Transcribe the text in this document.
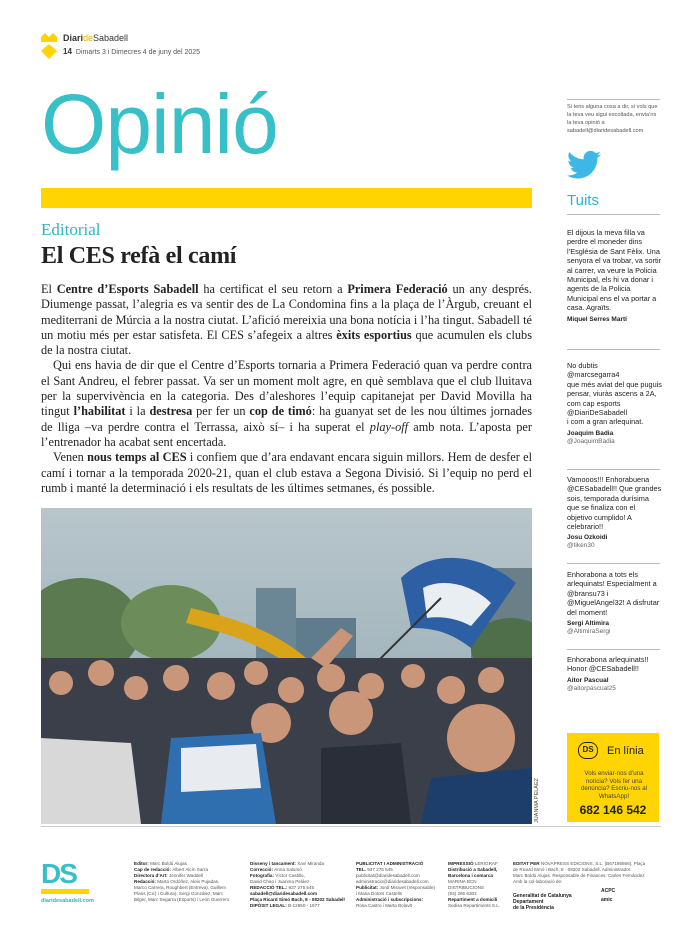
DiarideSabadell
14 Dimarts 3 i Dimecres 4 de juny del 2025
Opinió
Editorial
El CES refà el camí

El Centre d’Esports Sabadell ha certificat el seu retorn a Primera Federació un any després. Diumenge passat, l’alegria es va sentir des de La Condomina fins a la plaça de l’Àrgub, creuant el mediterrani de Múrcia a la nostra ciutat. L’afició mereixia una bona notícia i l’ha tingut. Sabadell té un motiu més per estar satisfeta. El CES s’afegeix a altres èxits esportius que acumulen els clubs de la nostra ciutat.

Qui ens havia de dir que el Centre d’Esports tornaria a Primera Federació quan va perdre contra el Sant Andreu, el febrer passat. Va ser un moment molt agre, en què semblava que el club lluitava per la supervivència en la categoria. Des d’aleshores l’equip capitanejat per David Movilla ha tingut l’habilitat i la destresa per fer un cop de timó: ha guanyat set de les nou últimes jornades de lliga –va perdre contra el Terrassa, això sí– i ha superat el play-off amb nota. L’aposta per l’entrenador ha acabat sent encertada.

Venen nous temps al CES i confiem que d’ara endavant encara siguin millors. Hem de desfer el camí i tornar a la temporada 2020-21, quan el club estava a Segona Divisió. Si l’equip no perd el rumb i manté la determinació i els resultats de les últimes setmanes, és possible.

JUANMA PELÁEZ
Si tens alguna cosa a dir, si vols que la teva veu sigui escoltada, envia’ns la teva opinió a sabadell@diaridesabadell.com
Tuits
El dijous la meva filla va perdre el moneder dins l’Església de Sant Fèlix. Una senyora el va trobar, va sortir al carrer, va veure la Policia Municipal, els hi va donar i agents de la Policia Municipal ens el va portar a casa. Agraïts.
Miquel Serres Martí
No dubtis
@marcsegarra4
que més aviat del que puguis pensar, viuràs ascens a 2A, com cap esports
@DiariDeSabadell
i com a gran arlequinat.
Joaquim Badia
@JoaquimBadia
Vamooos!!! Enhorabuena @CESabadell!! Que grandes sois, temporada durísima que se finaliza con el objetivo cumplido! A celebrario!!
Josu Ozkoidi
@tiken30
Enhorabona a tots els arlequinats! Especialment a @bransu73 i @MiguelAngel32! A disfrutar del moment!
Sergi Altimira
@AltimiraSergi
Enhorabona arlequinats!! Honor @CESabadell!!
Aitor Pascual
@aitorpascual25
DS	En línia
Vols enviar-nos d’una notícia? Vols fer una denúncia? Escriu-nos al WhatsApp!
682 146 542
DS
diaridesabadell.com
Editor: Marc Boldú Alujas
Cap de redacció: Albert Alcín Sarra
Directora d’Art: Jennifer Waddell
Redacció: Marta Ordóñez, Aleix Pujadas,
Marco Carrera, Roughbert (Entreva), Guillem
Plans (Cic) i Cultura), Sergi González, Marc
Bilger, Marc Segarra (Esports) i León Guerrero
Disseny i tancament: Xavi Miranda
Correcció: Anna Salomó
Fotografia: Víctor Castillo,
David Chao i Juanma Peláez
REDACCIÓ TEL.: 937 275 545
sabadell@diaridesabadell.com
Plaça Ricard Simó Bach, 8 - 08202 Sabadell
DIPÒSIT LEGAL: B-12650 - 1977
PUBLICITAT I ADMINISTRACIÓ
TEL. 937 275 545
publicitat@diaridesabadell.com
administracio@diaridesabadell.com
Publicitat: Jordi Miravet (responsable)
i Maria Dolors Castells
Administració i subscripcions:
Rosa Castro i Marta Bolavlt
IMPRESSIÓ LERIGRAF
Distribució a Sabadell,
Barcelona i comarca
MARINA BCN
DISTRIBUCIONS
(93) 265 6303
Repartiment a domicili
Sedisa Repartiments S.L.
EDITAT PER NOVAPRESS EDICIONS, S.L. (B67186866), Plaça
de Ricard Simó i Bach, 8 · 08202 Sabadell. Administrador:
Marc Boldú Alujas. Responsable de Finances: Carles Fernández
Amb la col·laboració de:
Generalitat de Catalunya
Departament
de la Presidència
ACPC
amic
